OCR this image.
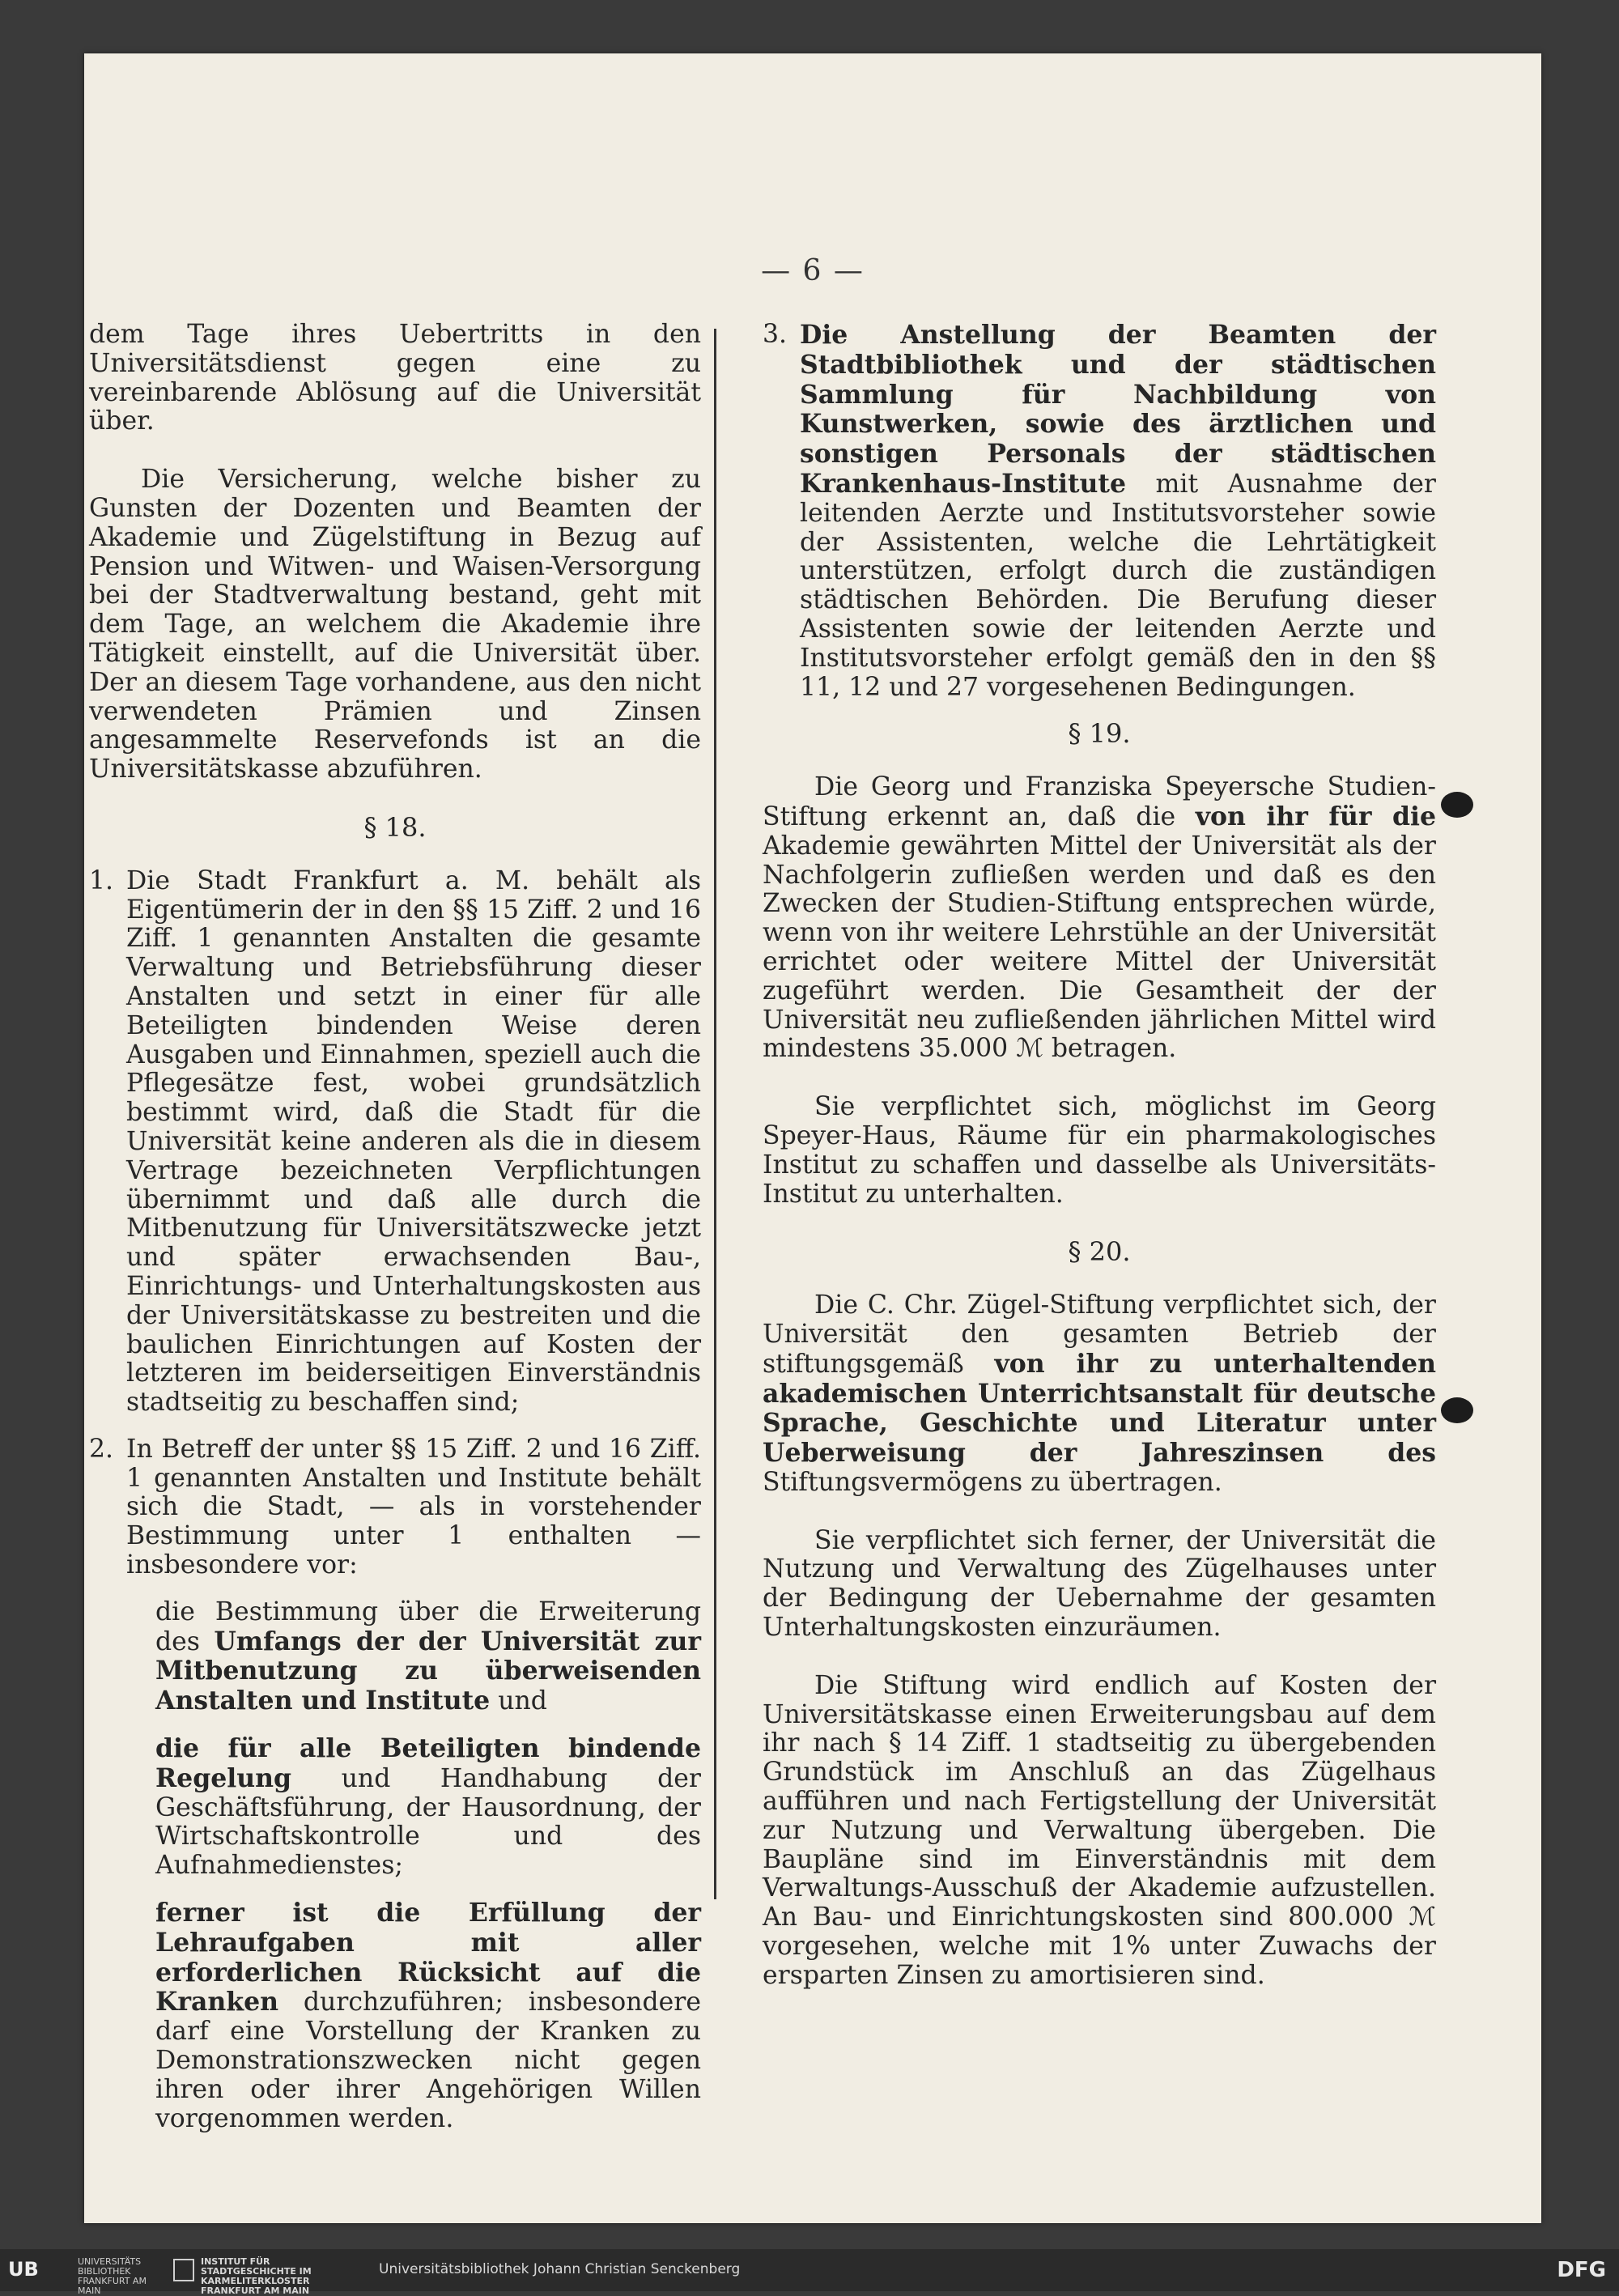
— 6 —

dem Tage ihres Uebertritts in den Universitätsdienst gegen eine zu vereinbarende Ablösung auf die Universität über.

Die Versicherung, welche bisher zu Gunsten der Dozenten und Beamten der Akademie und Zügelstiftung in Bezug auf Pension und Witwen- und Waisen-Versorgung bei der Stadtverwaltung bestand, geht mit dem Tage, an welchem die Akademie ihre Tätigkeit einstellt, auf die Universität über. Der an diesem Tage vorhandene, aus den nicht verwendeten Prämien und Zinsen angesammelte Reservefonds ist an die Universitätskasse abzuführen.

§ 18.
1. Die Stadt Frankfurt a. M. behält als Eigentümerin der in den §§ 15 Ziff. 2 und 16 Ziff. 1 genannten Anstalten die gesamte Verwaltung und Betriebsführung dieser Anstalten und setzt in einer für alle Beteiligten bindenden Weise deren Ausgaben und Einnahmen, speziell auch die Pflegesätze fest, wobei grundsätzlich bestimmt wird, daß die Stadt für die Universität keine anderen als die in diesem Vertrage bezeichneten Verpflichtungen übernimmt und daß alle durch die Mitbenutzung für Universitätszwecke jetzt und später erwachsenden Bau-, Einrichtungs- und Unterhaltungskosten aus der Universitätskasse zu bestreiten und die baulichen Einrichtungen auf Kosten der letzteren im beiderseitigen Einverständnis stadtseitig zu beschaffen sind;
2. In Betreff der unter §§ 15 Ziff. 2 und 16 Ziff. 1 genannten Anstalten und Institute behält sich die Stadt, — als in vorstehender Bestimmung unter 1 enthalten — insbesondere vor:
die Bestimmung über die Erweiterung des Umfangs der der Universität zur Mitbenutzung zu überweisenden Anstalten und Institute und
die für alle Beteiligten bindende Regelung und Handhabung der Geschäftsführung, der Hausordnung, der Wirtschaftskontrolle und des Aufnahmedienstes;
ferner ist die Erfüllung der Lehraufgaben mit aller erforderlichen Rücksicht auf die Kranken durchzuführen; insbesondere darf eine Vorstellung der Kranken zu Demonstrationszwecken nicht gegen ihren oder ihrer Angehörigen Willen vorgenommen werden.
3. Die Anstellung der Beamten der Stadtbibliothek und der städtischen Sammlung für Nachbildung von Kunstwerken, sowie des ärztlichen und sonstigen Personals der städtischen Krankenhaus-Institute mit Ausnahme der leitenden Aerzte und Institutsvorsteher sowie der Assistenten, welche die Lehrtätigkeit unterstützen, erfolgt durch die zuständigen städtischen Behörden. Die Berufung dieser Assistenten sowie der leitenden Aerzte und Institutsvorsteher erfolgt gemäß den in den §§ 11, 12 und 27 vorgesehenen Bedingungen.
§ 19.

Die Georg und Franziska Speyersche Studien-Stiftung erkennt an, daß die von ihr für die Akademie gewährten Mittel der Universität als der Nachfolgerin zufließen werden und daß es den Zwecken der Studien-Stiftung entsprechen würde, wenn von ihr weitere Lehrstühle an der Universität errichtet oder weitere Mittel der Universität zugeführt werden. Die Gesamtheit der der Universität neu zufließenden jährlichen Mittel wird mindestens 35.000 ℳ betragen.

Sie verpflichtet sich, möglichst im Georg Speyer-Haus, Räume für ein pharmakologisches Institut zu schaffen und dasselbe als Universitäts-Institut zu unterhalten.

§ 20.

Die C. Chr. Zügel-Stiftung verpflichtet sich, der Universität den gesamten Betrieb der stiftungsgemäß von ihr zu unterhaltenden akademischen Unterrichtsanstalt für deutsche Sprache, Geschichte und Literatur unter Ueberweisung der Jahreszinsen des Stiftungsvermögens zu übertragen.

Sie verpflichtet sich ferner, der Universität die Nutzung und Verwaltung des Zügelhauses unter der Bedingung der Uebernahme der gesamten Unterhaltungskosten einzuräumen.

Die Stiftung wird endlich auf Kosten der Universitätskasse einen Erweiterungsbau auf dem ihr nach § 14 Ziff. 1 stadtseitig zu übergebenden Grundstück im Anschluß an das Zügelhaus aufführen und nach Fertigstellung der Universität zur Nutzung und Verwaltung übergeben. Die Baupläne sind im Einverständnis mit dem Verwaltungs-Ausschuß der Akademie aufzustellen. An Bau- und Einrichtungskosten sind 800.000 ℳ vorgesehen, welche mit 1% unter Zuwachs der ersparten Zinsen zu amortisieren sind.

UB	UNIVERSITÄTS BIBLIOTHEK FRANKFURT AM MAIN
INSTITUT FÜR STADTGESCHICHTE IM KARMELITERKLOSTER FRANKFURT AM MAIN
Universitätsbibliothek Johann Christian Senckenberg	DFG
